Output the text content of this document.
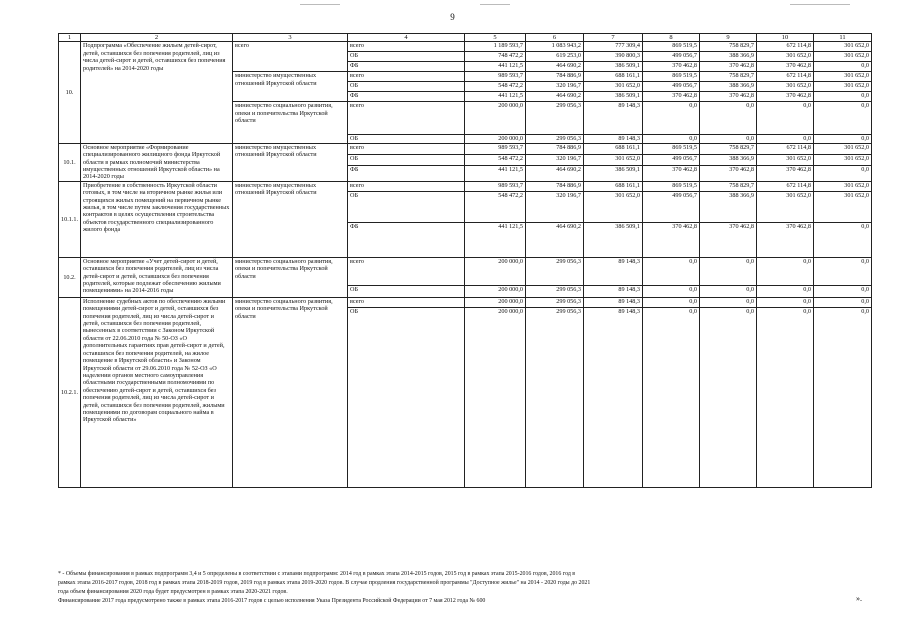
9
1	2	3	4	5	6	7	8	9	10	11
10.	Подпрограмма «Обеспечение жильем детей-сирот, детей, оставшихся без попечения родителей, лиц из числа детей-сирот и детей, оставшихся без попечения родителей» на 2014-2020 годы	всего	всего	1 189 593,7	1 083 943,2	777 309,4	869 519,5	758 829,7	672 114,8	301 652,0
			ОБ	748 472,2	619 253,0	390 800,3	499 056,7	388 366,9	301 652,0	301 652,0
			ФБ	441 121,5	464 690,2	386 509,1	370 462,8	370 462,8	370 462,8	0,0
		министерство имущественных отношений Иркутской области	всего	989 593,7	784 886,9	688 161,1	869 519,5	758 829,7	672 114,8	301 652,0
			ОБ	548 472,2	320 196,7	301 652,0	499 056,7	388 366,9	301 652,0	301 652,0
			ФБ	441 121,5	464 690,2	386 509,1	370 462,8	370 462,8	370 462,8	0,0
		министерство социального развития, опеки и попечительства Иркутской области	всего	200 000,0	299 056,3	89 148,3	0,0	0,0	0,0	0,0
			ОБ	200 000,0	299 056,3	89 148,3	0,0	0,0	0,0	0,0
10.1.	Основное мероприятие «Формирование специализированного жилищного фонда Иркутской области в рамках полномочий министерства имущественных отношений Иркутской области» на 2014-2020 годы	министерство имущественных отношений Иркутской области	всего	989 593,7	784 886,9	688 161,1	869 519,5	758 829,7	672 114,8	301 652,0
			ОБ	548 472,2	320 196,7	301 652,0	499 056,7	388 366,9	301 652,0	301 652,0
			ФБ	441 121,5	464 690,2	386 509,1	370 462,8	370 462,8	370 462,8	0,0
10.1.1.	Приобретение в собственность Иркутской области готовых, в том числе на вторичном рынке жилья или строящихся жилых помещений на первичном рынке жилья, в том числе путем заключения государственных контрактов в целях осуществления строительства объектов государственного специализированного жилого фонда	министерство имущественных отношений Иркутской области	всего	989 593,7	784 886,9	688 161,1	869 519,5	758 829,7	672 114,8	301 652,0
			ОБ	548 472,2	320 196,7	301 652,0	499 056,7	388 366,9	301 652,0	301 652,0
			ФБ	441 121,5	464 690,2	386 509,1	370 462,8	370 462,8	370 462,8	0,0
10.2.	Основное мероприятие «Учет детей-сирот и детей, оставшихся без попечения родителей, лиц из числа детей-сирот и детей, оставшихся без попечения родителей, которые подлежат обеспечению жилыми помещениями» на 2014-2016 годы	министерство социального развития, опеки и попечительства Иркутской области	всего	200 000,0	299 056,3	89 148,3	0,0	0,0	0,0	0,0
			ОБ	200 000,0	299 056,3	89 148,3	0,0	0,0	0,0	0,0
10.2.1.	Исполнение судебных актов по обеспечению жилыми помещениями детей-сирот и детей, оставшихся без попечения родителей, лиц из числа детей-сирот и детей, оставшихся без попечения родителей, вынесенных в соответствии с Законом Иркутской области от 22.06.2010 года № 50-ОЗ «О дополнительных гарантиях прав детей-сирот и детей, оставшихся без попечения родителей, на жилое помещение в Иркутской области» и Законом Иркутской области от 29.06.2010 года № 52-ОЗ «О наделении органов местного самоуправления областными государственными полномочиями по обеспечению детей-сирот и детей, оставшихся без попечения родителей, лиц из числа детей-сирот и детей, оставшихся без попечения родителей, жилыми помещениями по договорам социального найма в Иркутской области»	министерство социального развития, опеки и попечительства Иркутской области	всего	200 000,0	299 056,3	89 148,3	0,0	0,0	0,0	0,0
			ОБ	200 000,0	299 056,3	89 148,3	0,0	0,0	0,0	0,0
* - Объемы финансирования в рамках подпрограмм 3,4 и 5 определены в соответствии с этапами подпрограмм: 2014 год в рамках этапа 2014-2015 годов, 2015 год в рамках этапа 2015-2016 годов, 2016 год в
рамках этапа 2016-2017 годов, 2018 год в рамках этапа 2018-2019 годов, 2019 год в рамках этапа 2019-2020 годов. В случае продления государственной программы "Доступное жилье" на 2014 - 2020 годы до 2021
года объем финансирования 2020 года будет предусмотрен в рамках этапа 2020-2021 годов.
Финансирование 2017 года предусмотрено также в рамках этапа 2016-2017 годов с целью исполнения Указа Президента Российской Федерации от 7 мая 2012 года № 600	».
